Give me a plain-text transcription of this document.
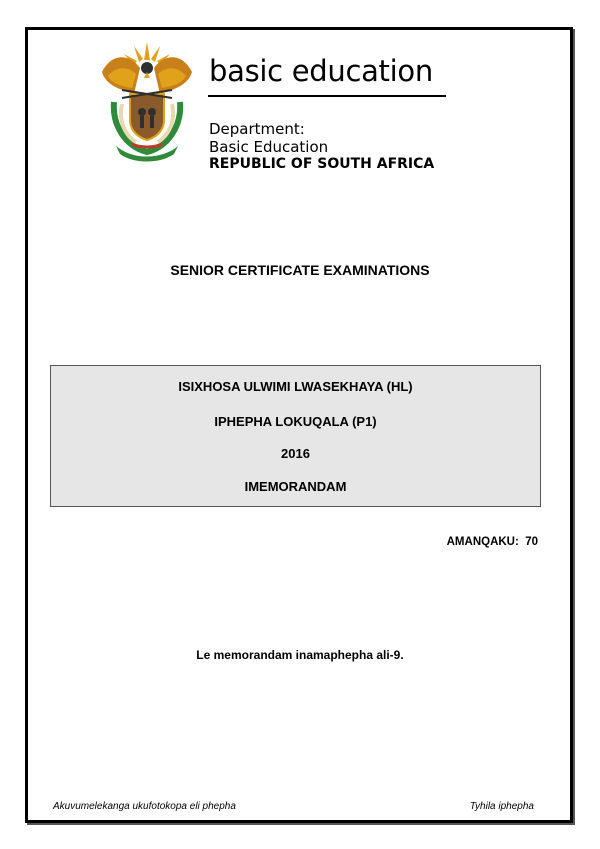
basic education
Department:
Basic Education
REPUBLIC OF SOUTH AFRICA
SENIOR CERTIFICATE EXAMINATIONS
ISIXHOSA ULWIMI LWASEKHAYA (HL)
IPHEPHA LOKUQALA (P1)
2016
IMEMORANDAM
AMANQAKU:  70
Le memorandam inamaphepha ali-9.
Akuvumelekanga ukufotokopa eli phepha	Tyhila iphepha
